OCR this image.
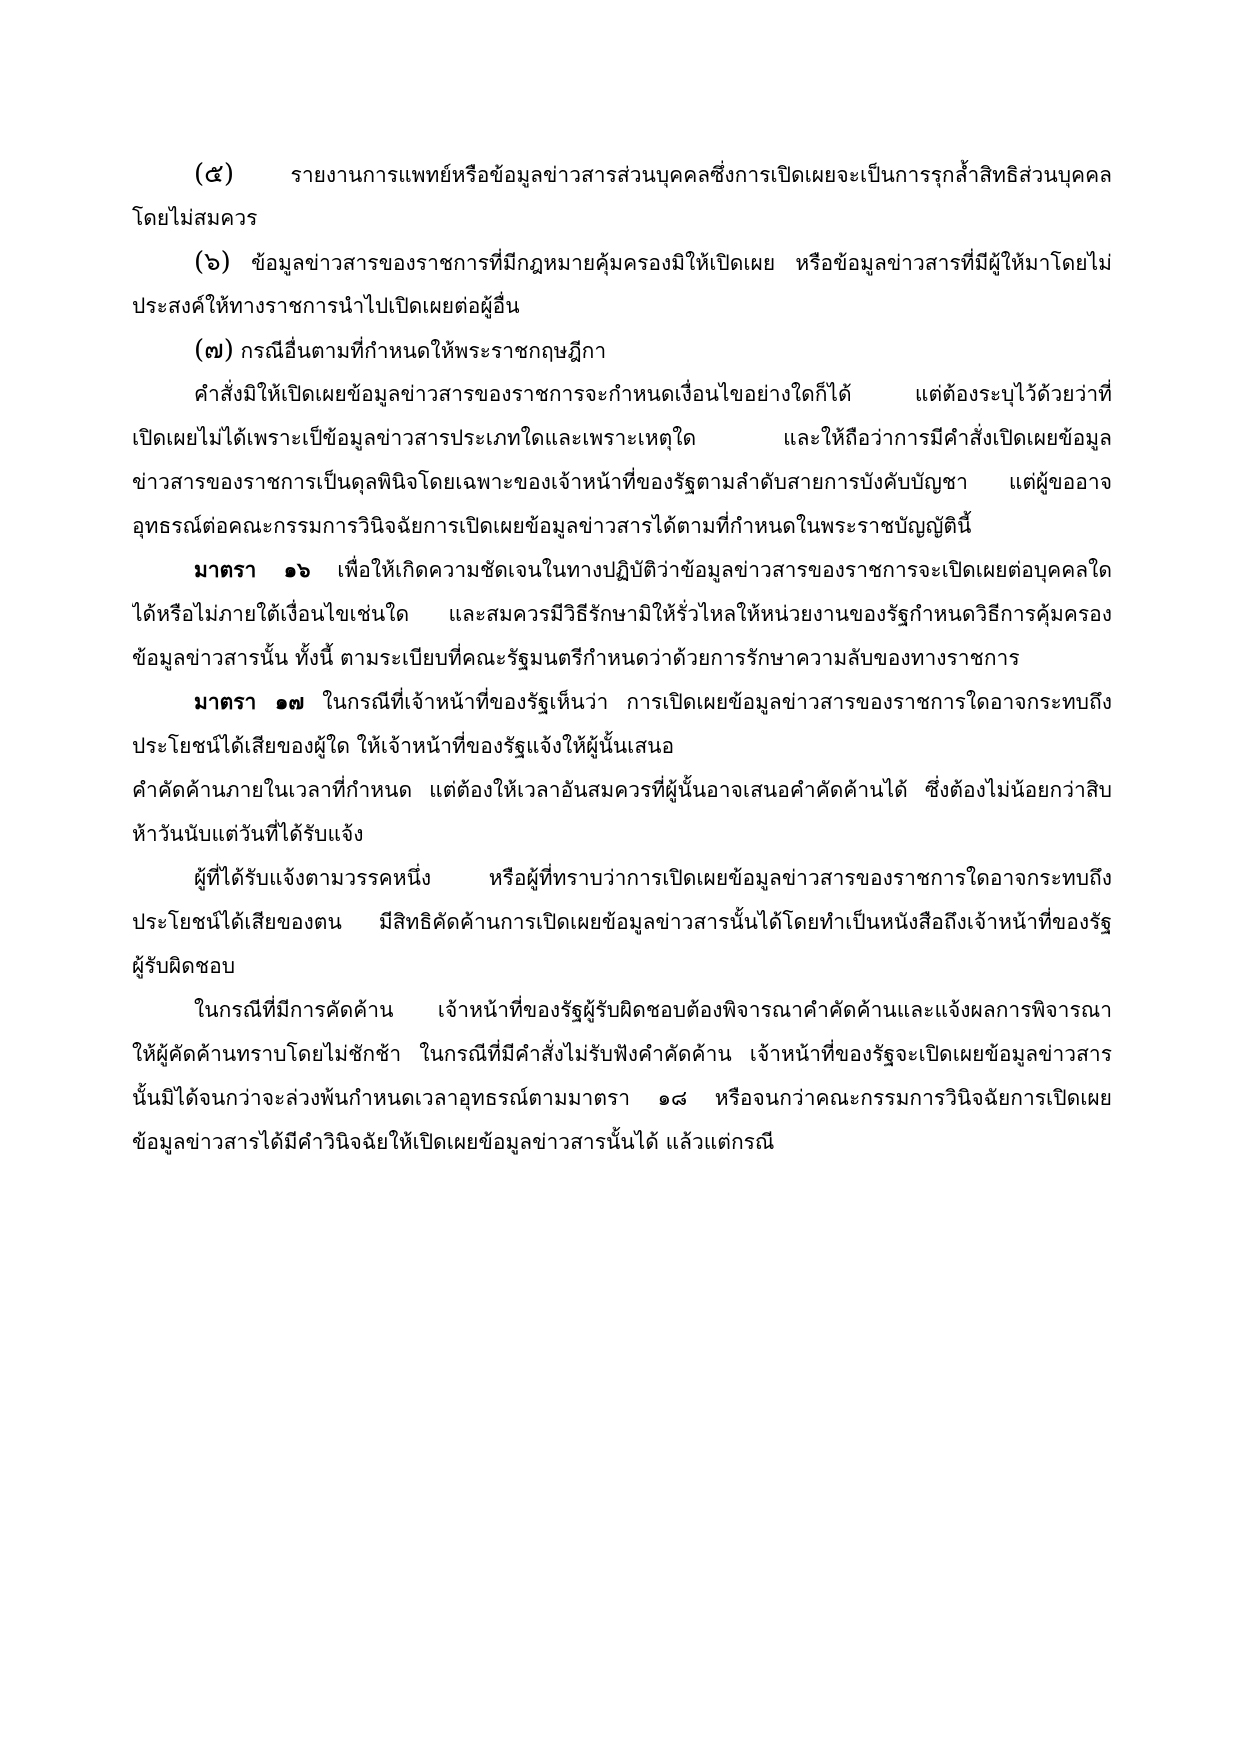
(๕)	รายงานการแพทย์หรือข้อมูลข่าวสารส่วนบุคคลซึ่งการเปิดเผยจะเป็นการรุกล้ำสิทธิส่วนบุคคล
โดยไม่สมควร
(๖) ข้อมูลข่าวสารของราชการที่มีกฎหมายคุ้มครองมิให้เปิดเผย หรือข้อมูลข่าวสารที่มีผู้ให้มาโดยไม่
ประสงค์ให้ทางราชการนำไปเปิดเผยต่อผู้อื่น
(๗) กรณีอื่นตามที่กำหนดให้พระราชกฤษฎีกา
คำสั่งมิให้เปิดเผยข้อมูลข่าวสารของราชการจะกำหนดเงื่อนไขอย่างใดก็ได้ แต่ต้องระบุไว้ด้วยว่าที่
เปิดเผยไม่ได้เพราะเป็ข้อมูลข่าวสารประเภทใดและเพราะเหตุใด และให้ถือว่าการมีคำสั่งเปิดเผยข้อมูล
ข่าวสารของราชการเป็นดุลพินิจโดยเฉพาะของเจ้าหน้าที่ของรัฐตามลำดับสายการบังคับบัญชา แต่ผู้ขออาจ
อุทธรณ์ต่อคณะกรรมการวินิจฉัยการเปิดเผยข้อมูลข่าวสารได้ตามที่กำหนดในพระราชบัญญัตินี้
มาตรา ๑๖ เพื่อให้เกิดความชัดเจนในทางปฏิบัติว่าข้อมูลข่าวสารของราชการจะเปิดเผยต่อบุคคลใด
ได้หรือไม่ภายใต้เงื่อนไขเช่นใด และสมควรมีวิธีรักษามิให้รั่วไหลให้หน่วยงานของรัฐกำหนดวิธีการคุ้มครอง
ข้อมูลข่าวสารนั้น ทั้งนี้ ตามระเบียบที่คณะรัฐมนตรีกำหนดว่าด้วยการรักษาความลับของทางราชการ
มาตรา ๑๗ ในกรณีที่เจ้าหน้าที่ของรัฐเห็นว่า การเปิดเผยข้อมูลข่าวสารของราชการใดอาจกระทบถึง
ประโยชน์ได้เสียของผู้ใด ให้เจ้าหน้าที่ของรัฐแจ้งให้ผู้นั้นเสนอ
คำคัดค้านภายในเวลาที่กำหนด แต่ต้องให้เวลาอันสมควรที่ผู้นั้นอาจเสนอคำคัดค้านได้ ซึ่งต้องไม่น้อยกว่าสิบ
ห้าวันนับแต่วันที่ได้รับแจ้ง
ผู้ที่ได้รับแจ้งตามวรรคหนึ่ง หรือผู้ที่ทราบว่าการเปิดเผยข้อมูลข่าวสารของราชการใดอาจกระทบถึง
ประโยชน์ได้เสียของตน มีสิทธิคัดค้านการเปิดเผยข้อมูลข่าวสารนั้นได้โดยทำเป็นหนังสือถึงเจ้าหน้าที่ของรัฐ
ผู้รับผิดชอบ
ในกรณีที่มีการคัดค้าน เจ้าหน้าที่ของรัฐผู้รับผิดชอบต้องพิจารณาคำคัดค้านและแจ้งผลการพิจารณา
ให้ผู้คัดค้านทราบโดยไม่ชักช้า ในกรณีที่มีคำสั่งไม่รับฟังคำคัดค้าน เจ้าหน้าที่ของรัฐจะเปิดเผยข้อมูลข่าวสาร
นั้นมิได้จนกว่าจะล่วงพ้นกำหนดเวลาอุทธรณ์ตามมาตรา ๑๘ หรือจนกว่าคณะกรรมการวินิจฉัยการเปิดเผย
ข้อมูลข่าวสารได้มีคำวินิจฉัยให้เปิดเผยข้อมูลข่าวสารนั้นได้ แล้วแต่กรณี
